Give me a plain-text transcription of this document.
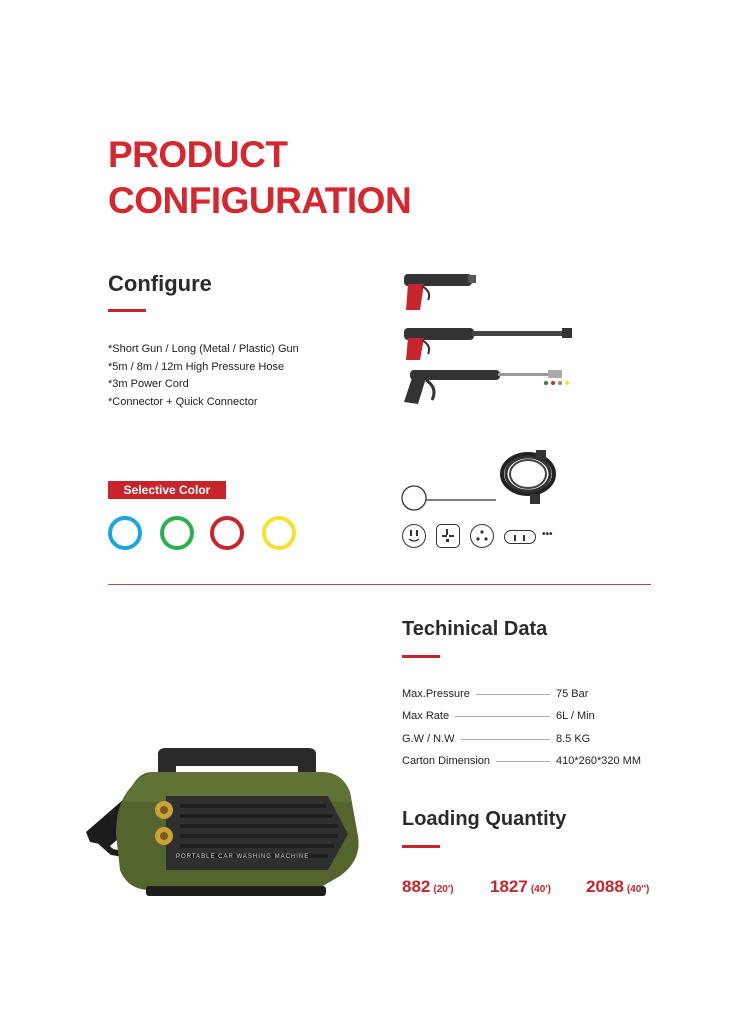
PRODUCT
CONFIGURATION
Configure
*Short Gun / Long (Metal / Plastic) Gun
*5m / 8m / 12m High Pressure Hose
*3m Power Cord
*Connector + Quick Connector
Selective Color
•••
Techinical Data
Max.Pressure	75 Bar
Max Rate	6L / Min
G.W / N.W	8.5 KG
Carton Dimension	410*260*320 MM
Loading Quantity
882 (20') 1827 (40') 2088 (40'')
PORTABLE CAR WASHING MACHINE
